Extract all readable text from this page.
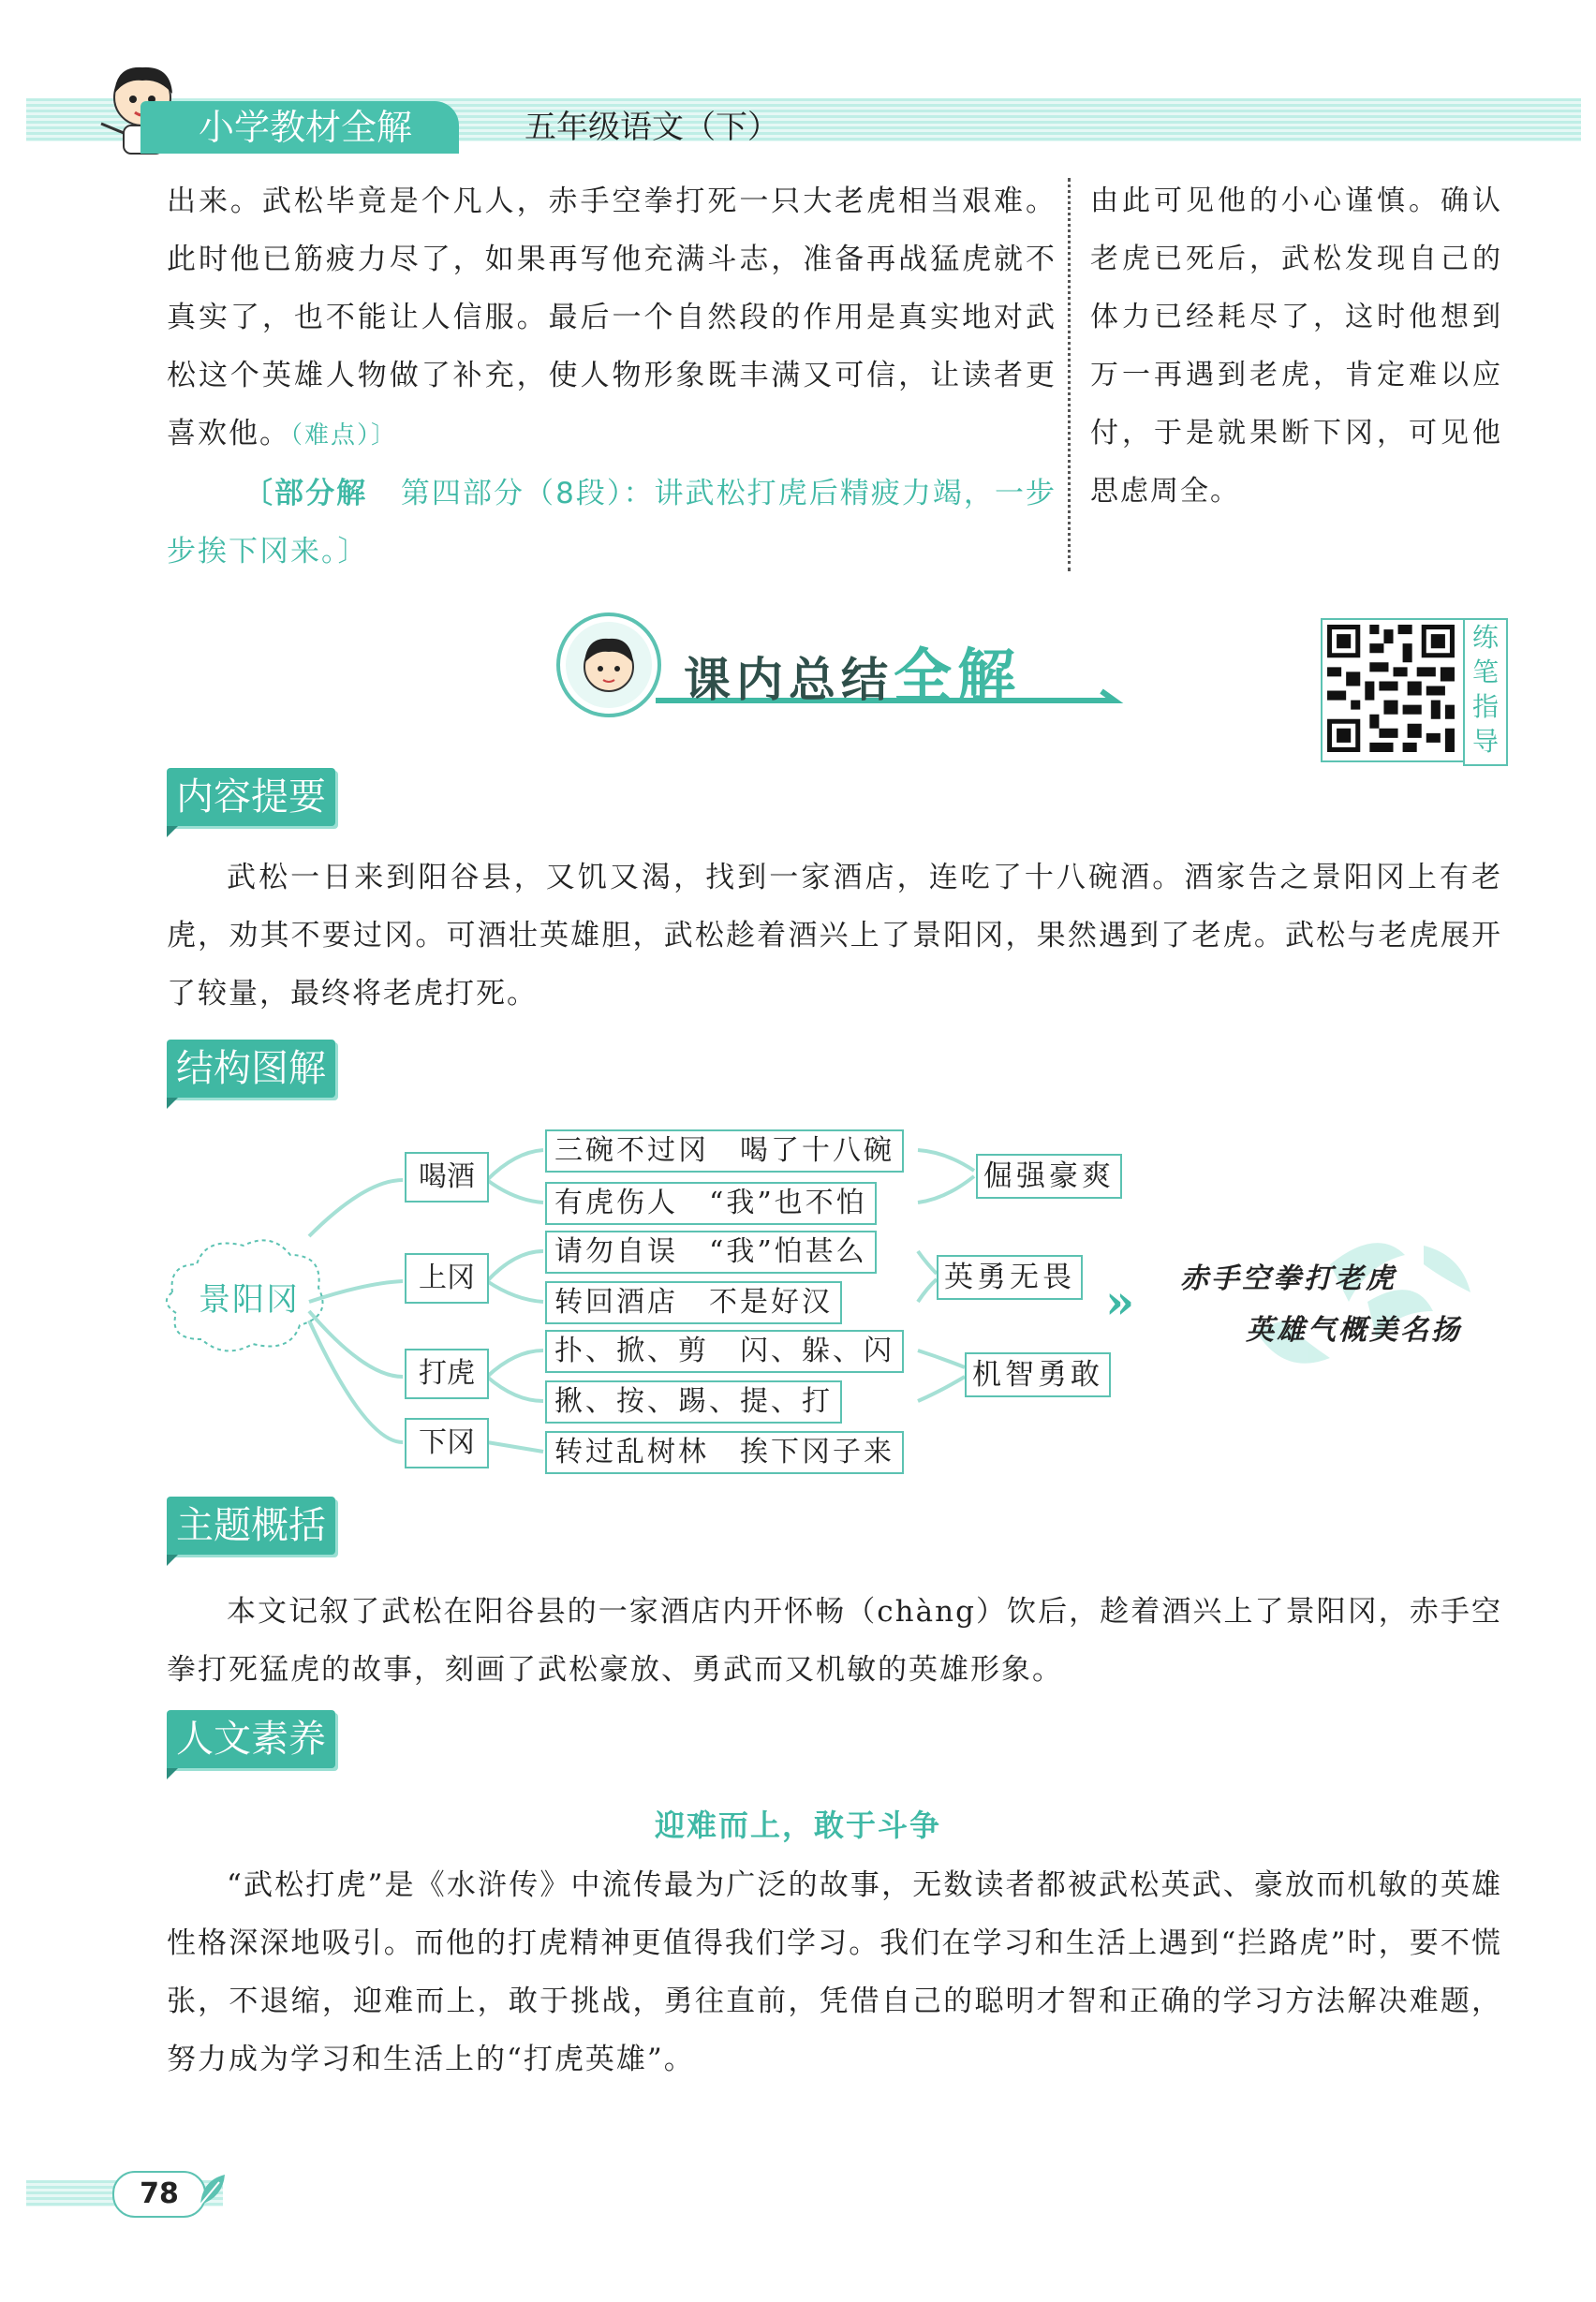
小学教材全解	五年级语文（下）
出来。武松毕竟是个凡人，赤手空拳打死一只大老虎相当艰难。此时他已筋疲力尽了，如果再写他充满斗志，准备再战猛虎就不真实了，也不能让人信服。最后一个自然段的作用是真实地对武松这个英雄人物做了补充，使人物形象既丰满又可信，让读者更喜欢他。（难点）〕
〔部分解 第四部分（8段）：讲武松打虎后精疲力竭，一步步挨下冈来。〕
由此可见他的小心谨慎。确认老虎已死后，武松发现自己的体力已经耗尽了，这时他想到万一再遇到老虎，肯定难以应付，于是就果断下冈，可见他思虑周全。
课内总结全解
练笔指导
内容提要
武松一日来到阳谷县，又饥又渴，找到一家酒店，连吃了十八碗酒。酒家告之景阳冈上有老虎，劝其不要过冈。可酒壮英雄胆，武松趁着酒兴上了景阳冈，果然遇到了老虎。武松与老虎展开了较量，最终将老虎打死。
结构图解
景阳冈
喝酒
上冈
打虎
下冈
三碗不过冈　喝了十八碗
有虎伤人　“我”也不怕
请勿自误　“我”怕甚么
转回酒店　不是好汉
扑、掀、剪　闪、躲、闪
揪、按、踢、提、打
转过乱树林　挨下冈子来
倔强豪爽
英勇无畏
机智勇敢
» 赤手空拳打老虎
英雄气概美名扬
主题概括
本文记叙了武松在阳谷县的一家酒店内开怀畅（chàng）饮后，趁着酒兴上了景阳冈，赤手空拳打死猛虎的故事，刻画了武松豪放、勇武而又机敏的英雄形象。
人文素养
迎难而上，敢于斗争
“武松打虎”是《水浒传》中流传最为广泛的故事，无数读者都被武松英武、豪放而机敏的英雄性格深深地吸引。而他的打虎精神更值得我们学习。我们在学习和生活上遇到“拦路虎”时，要不慌张，不退缩，迎难而上，敢于挑战，勇往直前，凭借自己的聪明才智和正确的学习方法解决难题，努力成为学习和生活上的“打虎英雄”。
78
